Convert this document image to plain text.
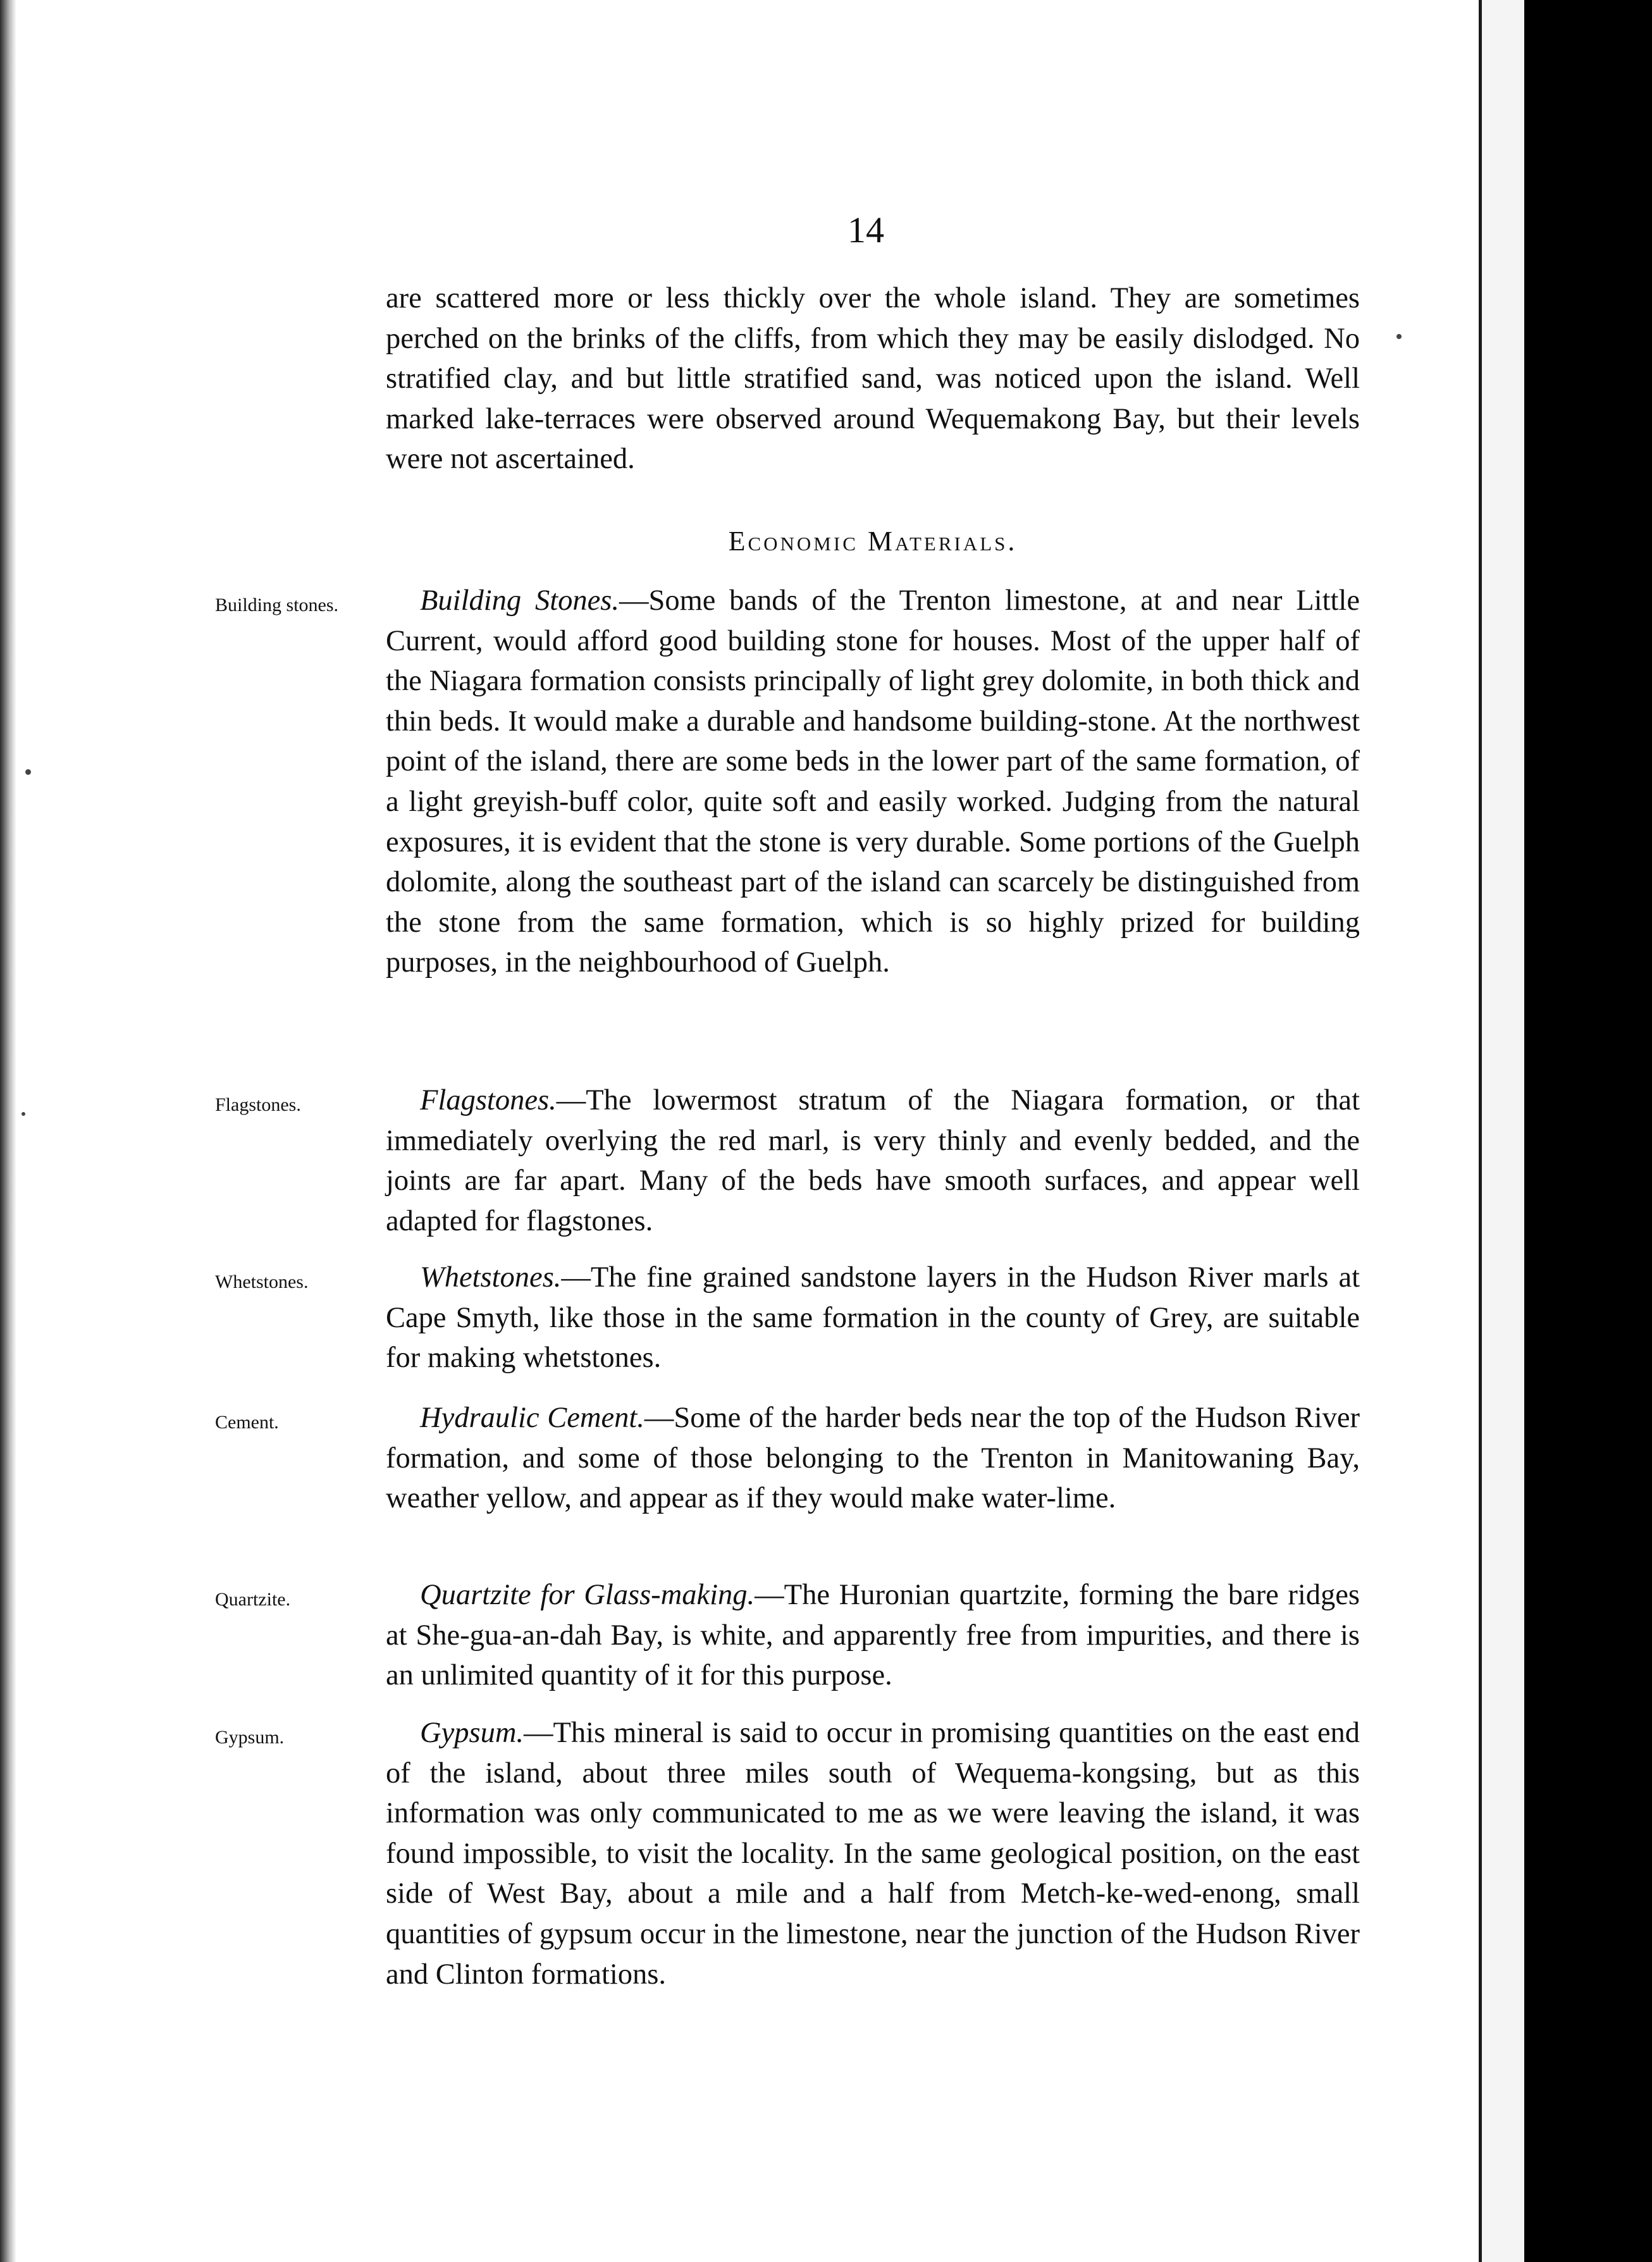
14

are scattered more or less thickly over the whole island. They are sometimes perched on the brinks of the cliffs, from which they may be easily dislodged. No stratified clay, and but little stratified sand, was noticed upon the island. Well marked lake-terraces were observed around Wequemakong Bay, but their levels were not ascertained.

Economic Materials.
Building stones.	Building Stones.—Some bands of the Trenton limestone, at and near Little Current, would afford good building stone for houses. Most of the upper half of the Niagara formation consists principally of light grey dolomite, in both thick and thin beds. It would make a durable and handsome building-stone. At the northwest point of the island, there are some beds in the lower part of the same formation, of a light greyish-buff color, quite soft and easily worked. Judging from the natural exposures, it is evident that the stone is very durable. Some portions of the Guelph dolomite, along the southeast part of the island can scarcely be distinguished from the stone from the same formation, which is so highly prized for building purposes, in the neighbourhood of Guelph.

Flagstones.	Flagstones.—The lowermost stratum of the Niagara formation, or that immediately overlying the red marl, is very thinly and evenly bedded, and the joints are far apart. Many of the beds have smooth surfaces, and appear well adapted for flagstones.

Whetstones.	Whetstones.—The fine grained sandstone layers in the Hudson River marls at Cape Smyth, like those in the same formation in the county of Grey, are suitable for making whetstones.

Cement.	Hydraulic Cement.—Some of the harder beds near the top of the Hudson River formation, and some of those belonging to the Trenton in Manitowaning Bay, weather yellow, and appear as if they would make water-lime.

Quartzite.	Quartzite for Glass-making.—The Huronian quartzite, forming the bare ridges at She-gua-an-dah Bay, is white, and apparently free from impurities, and there is an unlimited quantity of it for this purpose.

Gypsum.	Gypsum.—This mineral is said to occur in promising quantities on the east end of the island, about three miles south of Wequema-kongsing, but as this information was only communicated to me as we were leaving the island, it was found impossible, to visit the locality. In the same geological position, on the east side of West Bay, about a mile and a half from Metch-ke-wed-enong, small quantities of gypsum occur in the limestone, near the junction of the Hudson River and Clinton formations.
